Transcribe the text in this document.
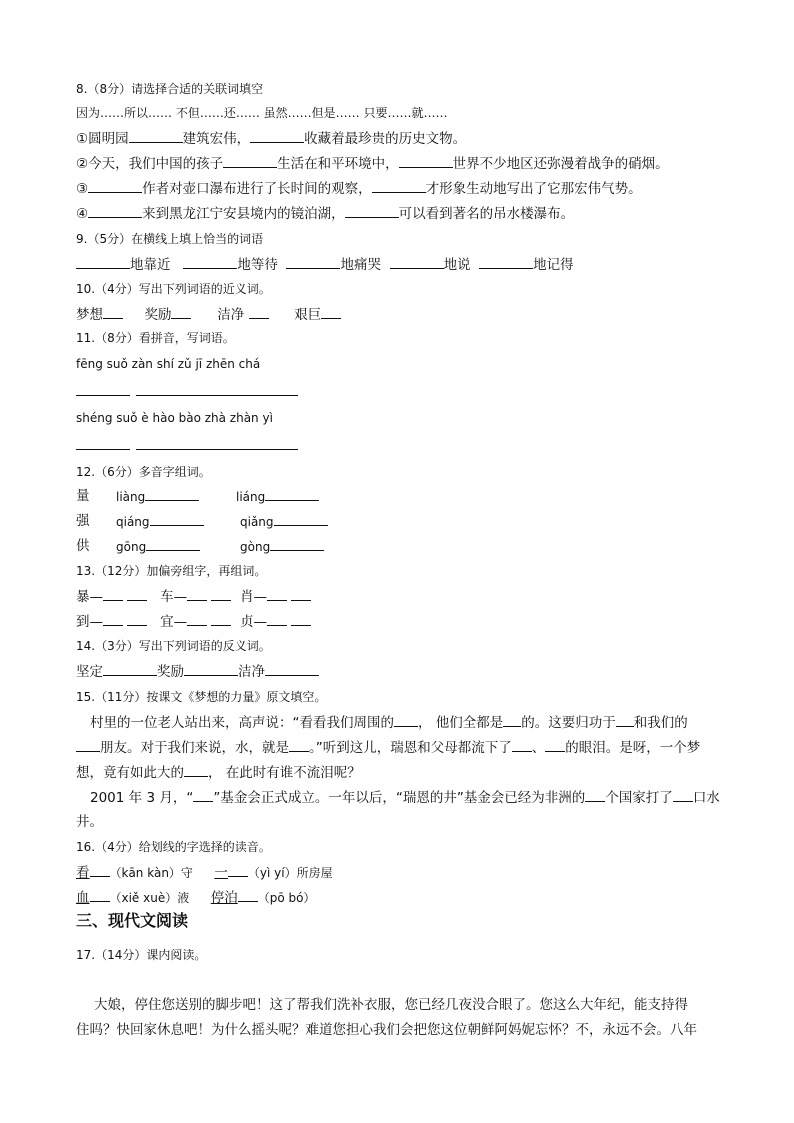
8.（8分）请选择合适的关联词填空
因为……所以…… 不但……还…… 虽然……但是…… 只要……就……
①圆明园	建筑宏伟，	收藏着最珍贵的历史文物。
②今天，我们中国的孩子	生活在和平环境中，	世界不少地区还弥漫着战争的硝烟。
③	作者对壶口瀑布进行了长时间的观察，	才形象生动地写出了它那宏伟气势。
④	来到黑龙江宁安县境内的镜泊湖，	可以看到著名的吊水楼瀑布。
9.（5分）在横线上填上恰当的词语
地靠近	地等待	地痛哭	地说	地记得
10.（4分）写出下列词语的近义词。
梦想	奖励	洁净	艰巨
11.（8分）看拼音，写词语。
fēng suǒ zàn shí zǔ jī zhēn chá
shéng suǒ è hào bào zhà zhàn yì
12.（6分）多音字组词。
量 liàng	liáng
强 qiáng	qiǎng
供 gōng	gòng
13.（12分）加偏旁组字，再组词。
暴—	车—	肖—
到—	宜—	贞—
14.（3分）写出下列词语的反义词。
坚定	奖励	洁净
15.（11分）按课文《梦想的力量》原文填空。
村里的一位老人站出来，高声说：“看看我们周围的 ， 他们全都是 的。这要归功于 和我们的
朋友。对于我们来说，水，就是 。”听到这儿，瑞恩和父母都流下了 、 的眼泪。是呀，一个梦
想，竟有如此大的 ， 在此时有谁不流泪呢？
2001 年 3 月，“ ”基金会正式成立。一年以后，“瑞恩的井”基金会已经为非洲的 个国家打了 口水
井。
16.（4分）给划线的字选择的读音。
看 （kān kàn）守 一 （yì yí）所房屋
血 （xiě xuè）液 停泊 （pō bó）
三、现代文阅读
17.（14分）课内阅读。
大娘，停住您送别的脚步吧！这了帮我们洗补衣服，您已经几夜没合眼了。您这么大年纪，能支持得
住吗？快回家休息吧！为什么摇头呢？难道您担心我们会把您这位朝鲜阿妈妮忘怀？不，永远不会。八年
